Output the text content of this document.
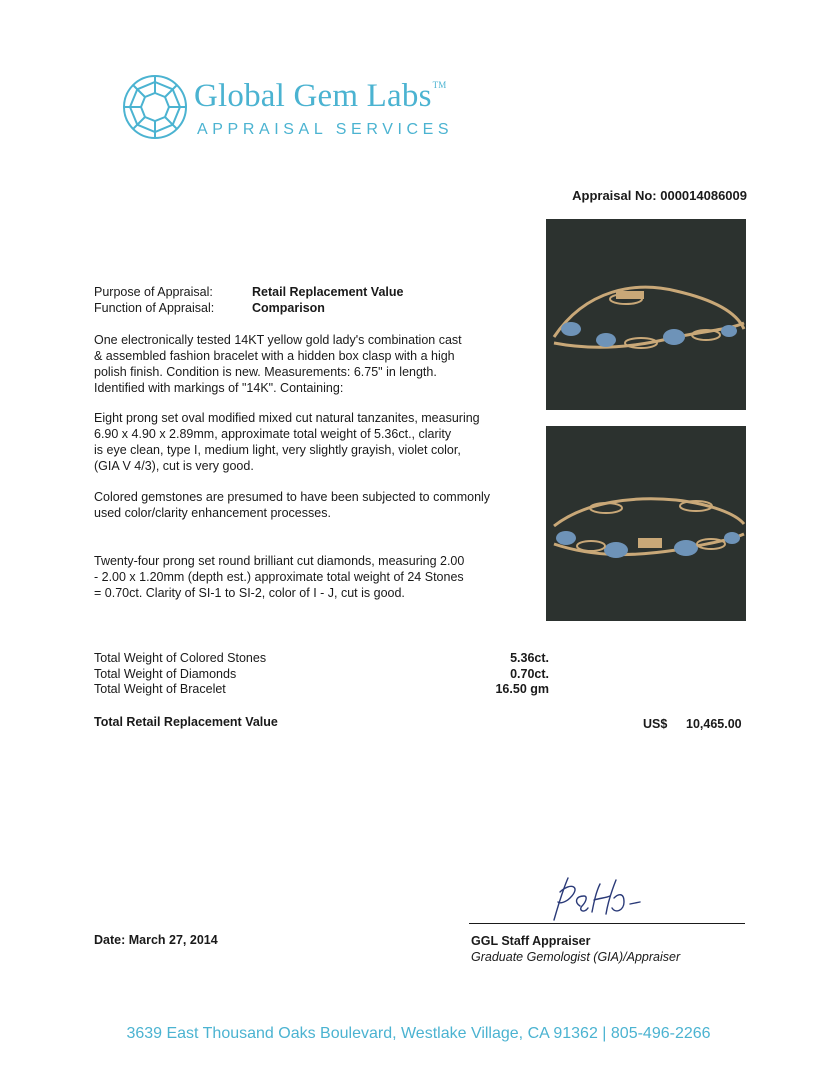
Global Gem Labs™
APPRAISAL SERVICES
Appraisal No: 000014086009
Purpose of Appraisal:	Retail Replacement Value
Function of Appraisal:	Comparison

One electronically tested 14KT yellow gold lady's combination cast

& assembled fashion bracelet with a hidden box clasp with a high

polish finish. Condition is new. Measurements: 6.75" in length.

Identified with markings of "14K". Containing:

Eight prong set oval modified mixed cut natural tanzanites, measuring

6.90 x 4.90 x 2.89mm, approximate total weight of 5.36ct., clarity

is eye clean, type I, medium light, very slightly grayish, violet color,

(GIA V 4/3), cut is very good.

Colored gemstones are presumed to have been subjected to commonly

used color/clarity enhancement processes.

Twenty-four prong set round brilliant cut diamonds, measuring 2.00

- 2.00 x 1.20mm (depth est.) approximate total weight of 24 Stones

= 0.70ct. Clarity of SI-1 to SI-2, color of I - J, cut is good.

Total Weight of Colored Stones	5.36ct.
Total Weight of Diamonds	0.70ct.
Total Weight of Bracelet	16.50 gm
Total Retail Replacement Value	US$ 10,465.00
Date: March 27, 2014	GGL Staff Appraiser
Graduate Gemologist (GIA)/Appraiser
3639 East Thousand Oaks Boulevard, Westlake Village, CA 91362 | 805-496-2266
